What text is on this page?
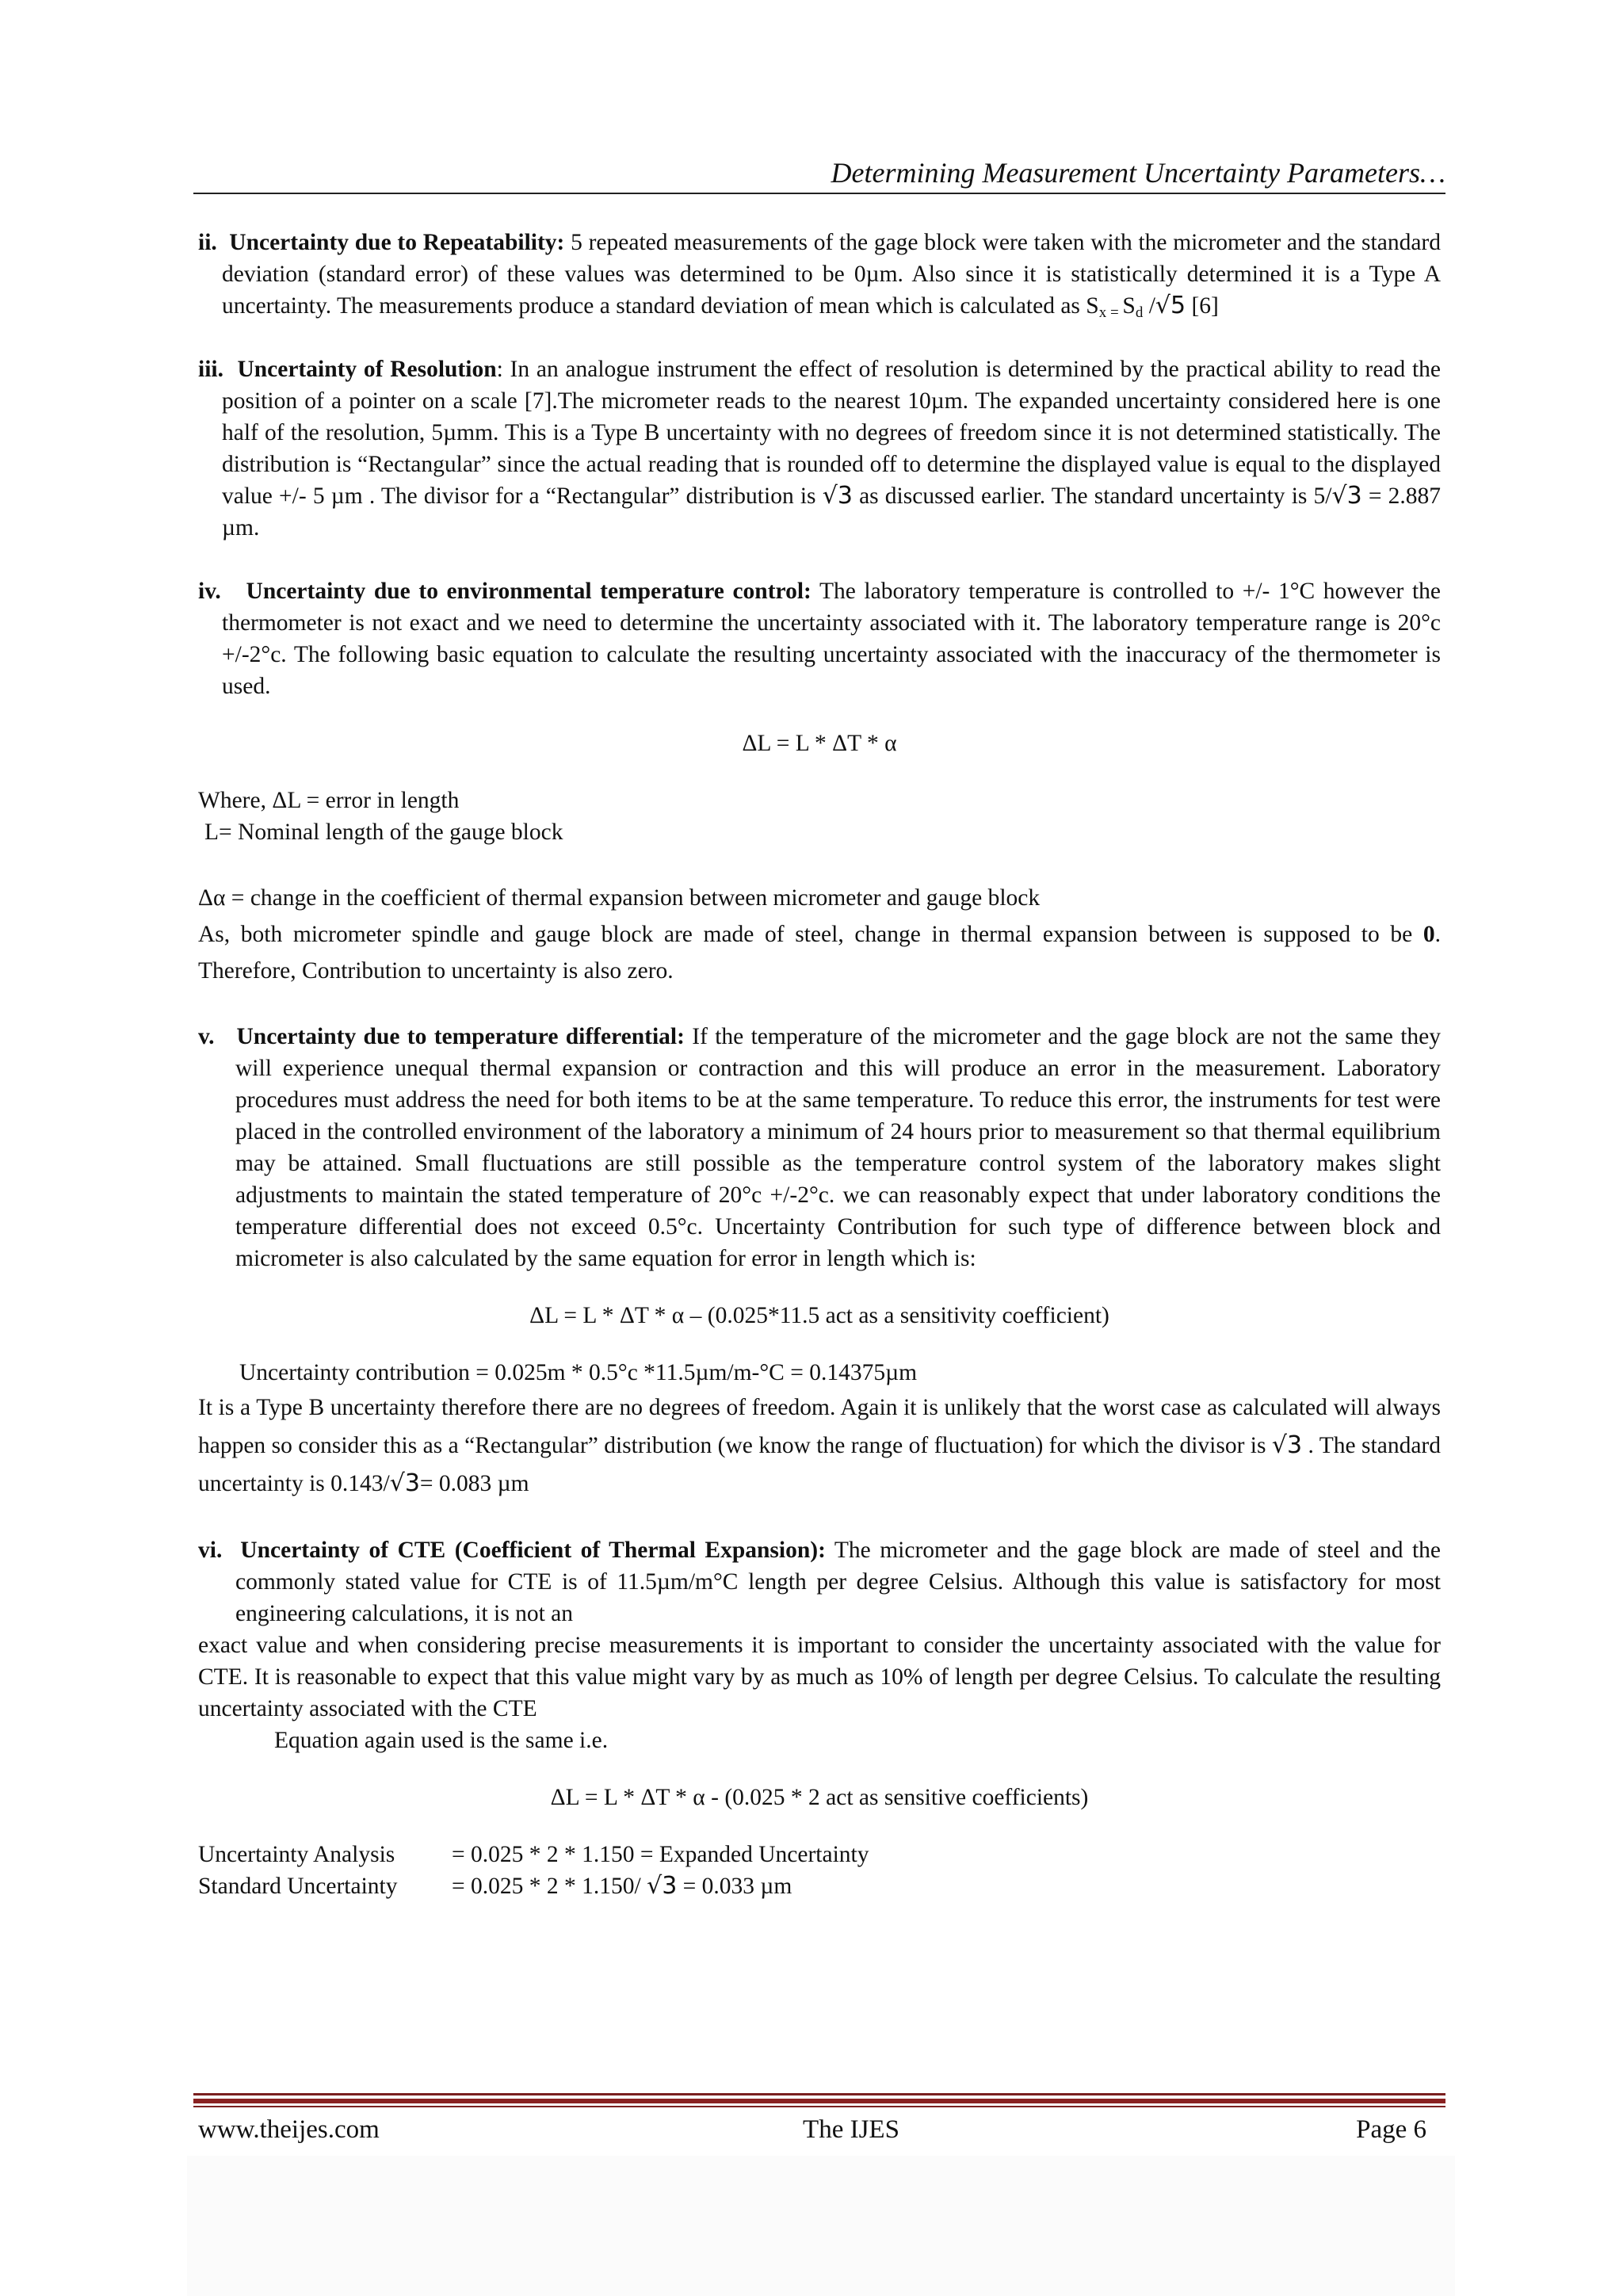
Determining Measurement Uncertainty Parameters…

ii. Uncertainty due to Repeatability: 5 repeated measurements of the gage block were taken with the micrometer and the standard deviation (standard error) of these values was determined to be 0µm. Also since it is statistically determined it is a Type A uncertainty. The measurements produce a standard deviation of mean which is calculated as $S_{x =}$ $S_d$ /√5 [6]

iii. Uncertainty of Resolution: In an analogue instrument the effect of resolution is determined by the practical ability to read the position of a pointer on a scale [7].The micrometer reads to the nearest 10µm. The expanded uncertainty considered here is one half of the resolution, 5µmm. This is a Type B uncertainty with no degrees of freedom since it is not determined statistically. The distribution is “Rectangular” since the actual reading that is rounded off to determine the displayed value is equal to the displayed value +/- 5 µm . The divisor for a “Rectangular” distribution is √3 as discussed earlier. The standard uncertainty is 5/√3 = 2.887 µm.

iv. Uncertainty due to environmental temperature control: The laboratory temperature is controlled to +/- 1°C however the thermometer is not exact and we need to determine the uncertainty associated with it. The laboratory temperature range is 20°c +/-2°c. The following basic equation to calculate the resulting uncertainty associated with the inaccuracy of the thermometer is used.

ΔL = L * ΔT * α

Where, ΔL = error in length

L= Nominal length of the gauge block

Δα = change in the coefficient of thermal expansion between micrometer and gauge block

As, both micrometer spindle and gauge block are made of steel, change in thermal expansion between is supposed to be 0. Therefore, Contribution to uncertainty is also zero.

v. Uncertainty due to temperature differential: If the temperature of the micrometer and the gage block are not the same they will experience unequal thermal expansion or contraction and this will produce an error in the measurement. Laboratory procedures must address the need for both items to be at the same temperature. To reduce this error, the instruments for test were placed in the controlled environment of the laboratory a minimum of 24 hours prior to measurement so that thermal equilibrium may be attained. Small fluctuations are still possible as the temperature control system of the laboratory makes slight adjustments to maintain the stated temperature of 20°c +/-2°c. we can reasonably expect that under laboratory conditions the temperature differential does not exceed 0.5°c. Uncertainty Contribution for such type of difference between block and micrometer is also calculated by the same equation for error in length which is:

ΔL = L * ΔT * α – (0.025*11.5 act as a sensitivity coefficient)

Uncertainty contribution = 0.025m * 0.5°c *11.5µm/m-°C = 0.14375µm

It is a Type B uncertainty therefore there are no degrees of freedom. Again it is unlikely that the worst case as calculated will always happen so consider this as a “Rectangular” distribution (we know the range of fluctuation) for which the divisor is √3 . The standard uncertainty is 0.143/√3= 0.083 µm

vi. Uncertainty of CTE (Coefficient of Thermal Expansion): The micrometer and the gage block are made of steel and the commonly stated value for CTE is of 11.5µm/m°C length per degree Celsius. Although this value is satisfactory for most engineering calculations, it is not an

exact value and when considering precise measurements it is important to consider the uncertainty associated with the value for CTE. It is reasonable to expect that this value might vary by as much as 10% of length per degree Celsius. To calculate the resulting uncertainty associated with the CTE

Equation again used is the same i.e.

ΔL = L * ΔT * α - (0.025 * 2 act as sensitive coefficients)

Uncertainty Analysis = 0.025 * 2 * 1.150 = Expanded Uncertainty

Standard Uncertainty = 0.025 * 2 * 1.150/ √3 = 0.033 µm

www.theijes.com	The IJES	Page 6
